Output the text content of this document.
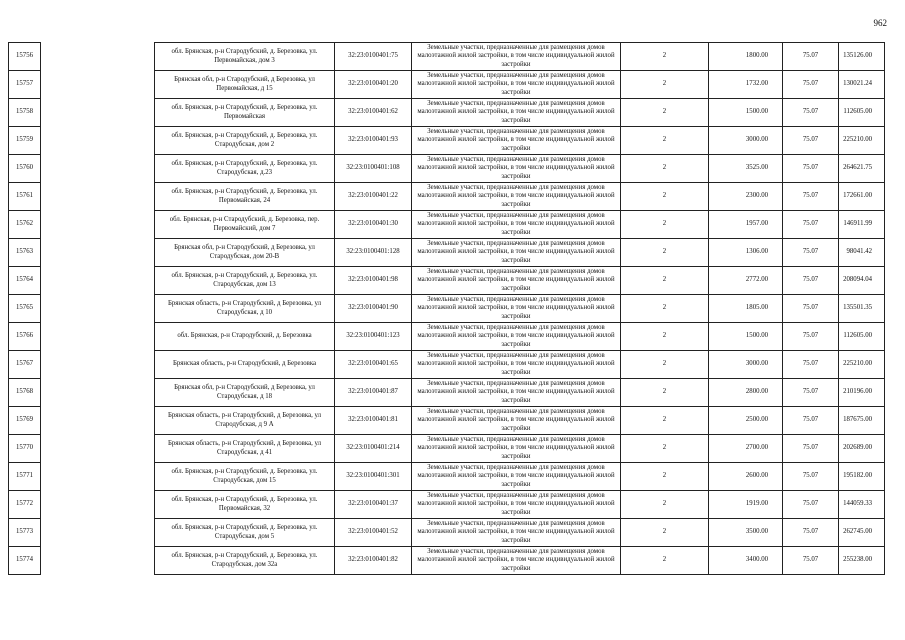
962
15756		обл. Брянская, р-н Стародубский, д. Березовка, ул. Первомайская, дом 3	32:23:0100401:75	Земельные участки, предназначенные для размещения домов малоэтажной жилой застройки, в том числе индивидуальной жилой застройки	2	1800.00	75.07	135126.00
15757		Брянская обл, р-н Стародубский, д Березовка, ул Первомайская, д 15	32:23:0100401:20	Земельные участки, предназначенные для размещения домов малоэтажной жилой застройки, в том числе индивидуальной жилой застройки	2	1732.00	75.07	130021.24
15758		обл. Брянская, р-н Стародубский, д. Березовка, ул. Первомайская	32:23:0100401:62	Земельные участки, предназначенные для размещения домов малоэтажной жилой застройки, в том числе индивидуальной жилой застройки	2	1500.00	75.07	112605.00
15759		обл. Брянская, р-н Стародубский, д. Березовка, ул. Стародубская, дом 2	32:23:0100401:93	Земельные участки, предназначенные для размещения домов малоэтажной жилой застройки, в том числе индивидуальной жилой застройки	2	3000.00	75.07	225210.00
15760		обл. Брянская, р-н Стародубский, д. Березовка, ул. Стародубская, д.23	32:23:0100401:108	Земельные участки, предназначенные для размещения домов малоэтажной жилой застройки, в том числе индивидуальной жилой застройки	2	3525.00	75.07	264621.75
15761		обл. Брянская, р-н Стародубский, д. Березовка, ул. Первомайская, 24	32:23:0100401:22	Земельные участки, предназначенные для размещения домов малоэтажной жилой застройки, в том числе индивидуальной жилой застройки	2	2300.00	75.07	172661.00
15762		обл. Брянская, р-н Стародубский, д. Березовка, пер. Первомайский, дом 7	32:23:0100401:30	Земельные участки, предназначенные для размещения домов малоэтажной жилой застройки, в том числе индивидуальной жилой застройки	2	1957.00	75.07	146911.99
15763		Брянская обл, р-н Стародубский, д Березовка, ул Стародубская, дом 20-В	32:23:0100401:128	Земельные участки, предназначенные для размещения домов малоэтажной жилой застройки, в том числе индивидуальной жилой застройки	2	1306.00	75.07	98041.42
15764		обл. Брянская, р-н Стародубский, д. Березовка, ул. Стародубская, дом 13	32:23:0100401:98	Земельные участки, предназначенные для размещения домов малоэтажной жилой застройки, в том числе индивидуальной жилой застройки	2	2772.00	75.07	208094.04
15765		Брянская область, р-н Стародубский, д Березовка, ул Стародубская, д 10	32:23:0100401:90	Земельные участки, предназначенные для размещения домов малоэтажной жилой застройки, в том числе индивидуальной жилой застройки	2	1805.00	75.07	135501.35
15766		обл. Брянская, р-н Стародубский, д. Березовка	32:23:0100401:123	Земельные участки, предназначенные для размещения домов малоэтажной жилой застройки, в том числе индивидуальной жилой застройки	2	1500.00	75.07	112605.00
15767		Брянская область, р-н Стародубский, д Березовка	32:23:0100401:65	Земельные участки, предназначенные для размещения домов малоэтажной жилой застройки, в том числе индивидуальной жилой застройки	2	3000.00	75.07	225210.00
15768		Брянская обл, р-н Стародубский, д Березовка, ул Стародубская, д 18	32:23:0100401:87	Земельные участки, предназначенные для размещения домов малоэтажной жилой застройки, в том числе индивидуальной жилой застройки	2	2800.00	75.07	210196.00
15769		Брянская область, р-н Стародубский, д Березовка, ул Стародубская, д 9 А	32:23:0100401:81	Земельные участки, предназначенные для размещения домов малоэтажной жилой застройки, в том числе индивидуальной жилой застройки	2	2500.00	75.07	187675.00
15770		Брянская область, р-н Стародубский, д Березовка, ул Стародубская, д 41	32:23:0100401:214	Земельные участки, предназначенные для размещения домов малоэтажной жилой застройки, в том числе индивидуальной жилой застройки	2	2700.00	75.07	202689.00
15771		обл. Брянская, р-н Стародубский, д. Березовка, ул. Стародубская, дом 15	32:23:0100401:301	Земельные участки, предназначенные для размещения домов малоэтажной жилой застройки, в том числе индивидуальной жилой застройки	2	2600.00	75.07	195182.00
15772		обл. Брянская, р-н Стародубский, д. Березовка, ул. Первомайская, 32	32:23:0100401:37	Земельные участки, предназначенные для размещения домов малоэтажной жилой застройки, в том числе индивидуальной жилой застройки	2	1919.00	75.07	144059.33
15773		обл. Брянская, р-н Стародубский, д. Березовка, ул. Стародубская, дом 5	32:23:0100401:52	Земельные участки, предназначенные для размещения домов малоэтажной жилой застройки, в том числе индивидуальной жилой застройки	2	3500.00	75.07	262745.00
15774		обл. Брянская, р-н Стародубский, д. Березовка, ул. Стародубская, дом 32а	32:23:0100401:82	Земельные участки, предназначенные для размещения домов малоэтажной жилой застройки, в том числе индивидуальной жилой застройки	2	3400.00	75.07	255238.00
